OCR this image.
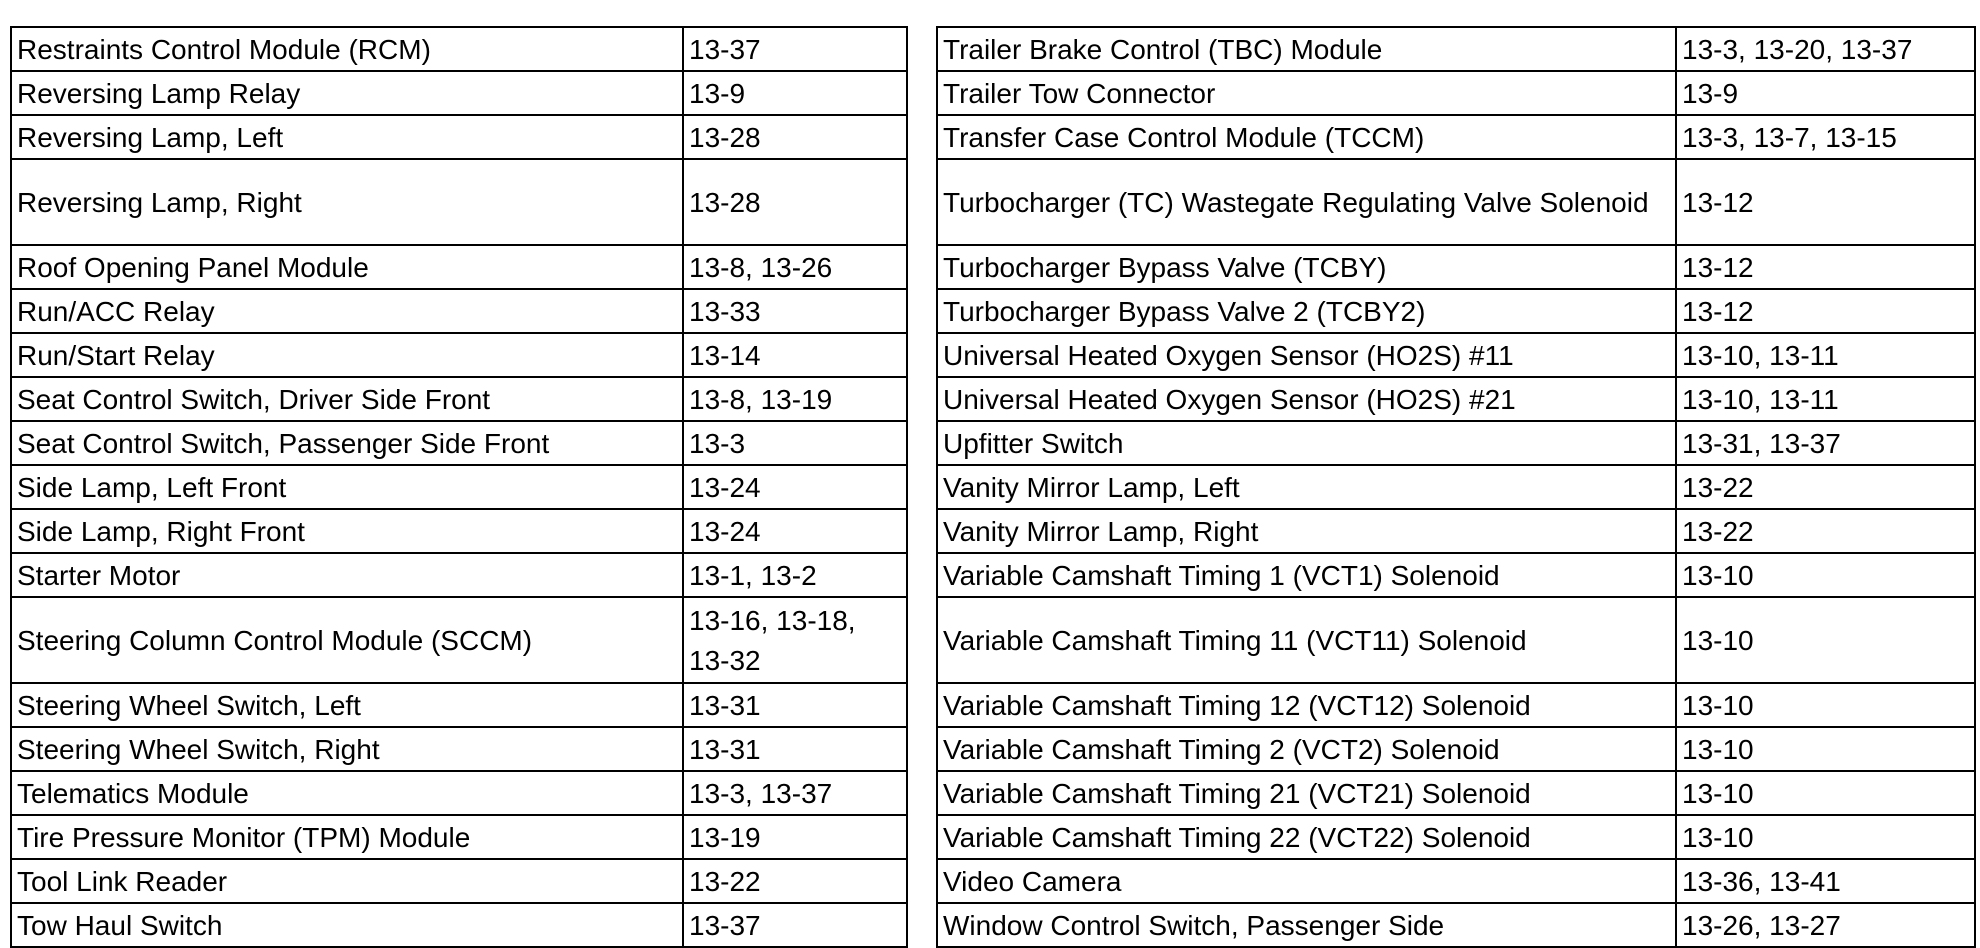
Restraints Control Module (RCM)	13-37		Trailer Brake Control (TBC) Module	13-3, 13-20, 13-37
Reversing Lamp Relay	13-9		Trailer Tow Connector	13-9
Reversing Lamp, Left	13-28		Transfer Case Control Module (TCCM)	13-3, 13-7, 13-15
Reversing Lamp, Right	13-28		Turbocharger (TC) Wastegate Regulating Valve Solenoid	13-12
Roof Opening Panel Module	13-8, 13-26		Turbocharger Bypass Valve (TCBY)	13-12
Run/ACC Relay	13-33		Turbocharger Bypass Valve 2 (TCBY2)	13-12
Run/Start Relay	13-14		Universal Heated Oxygen Sensor (HO2S) #11	13-10, 13-11
Seat Control Switch, Driver Side Front	13-8, 13-19		Universal Heated Oxygen Sensor (HO2S) #21	13-10, 13-11
Seat Control Switch, Passenger Side Front	13-3		Upfitter Switch	13-31, 13-37
Side Lamp, Left Front	13-24		Vanity Mirror Lamp, Left	13-22
Side Lamp, Right Front	13-24		Vanity Mirror Lamp, Right	13-22
Starter Motor	13-1, 13-2		Variable Camshaft Timing 1 (VCT1) Solenoid	13-10
Steering Column Control Module (SCCM)	13-16, 13-18, 13-32		Variable Camshaft Timing 11 (VCT11) Solenoid	13-10
Steering Wheel Switch, Left	13-31		Variable Camshaft Timing 12 (VCT12) Solenoid	13-10
Steering Wheel Switch, Right	13-31		Variable Camshaft Timing 2 (VCT2) Solenoid	13-10
Telematics Module	13-3, 13-37		Variable Camshaft Timing 21 (VCT21) Solenoid	13-10
Tire Pressure Monitor (TPM) Module	13-19		Variable Camshaft Timing 22 (VCT22) Solenoid	13-10
Tool Link Reader	13-22		Video Camera	13-36, 13-41
Tow Haul Switch	13-37		Window Control Switch, Passenger Side	13-26, 13-27
